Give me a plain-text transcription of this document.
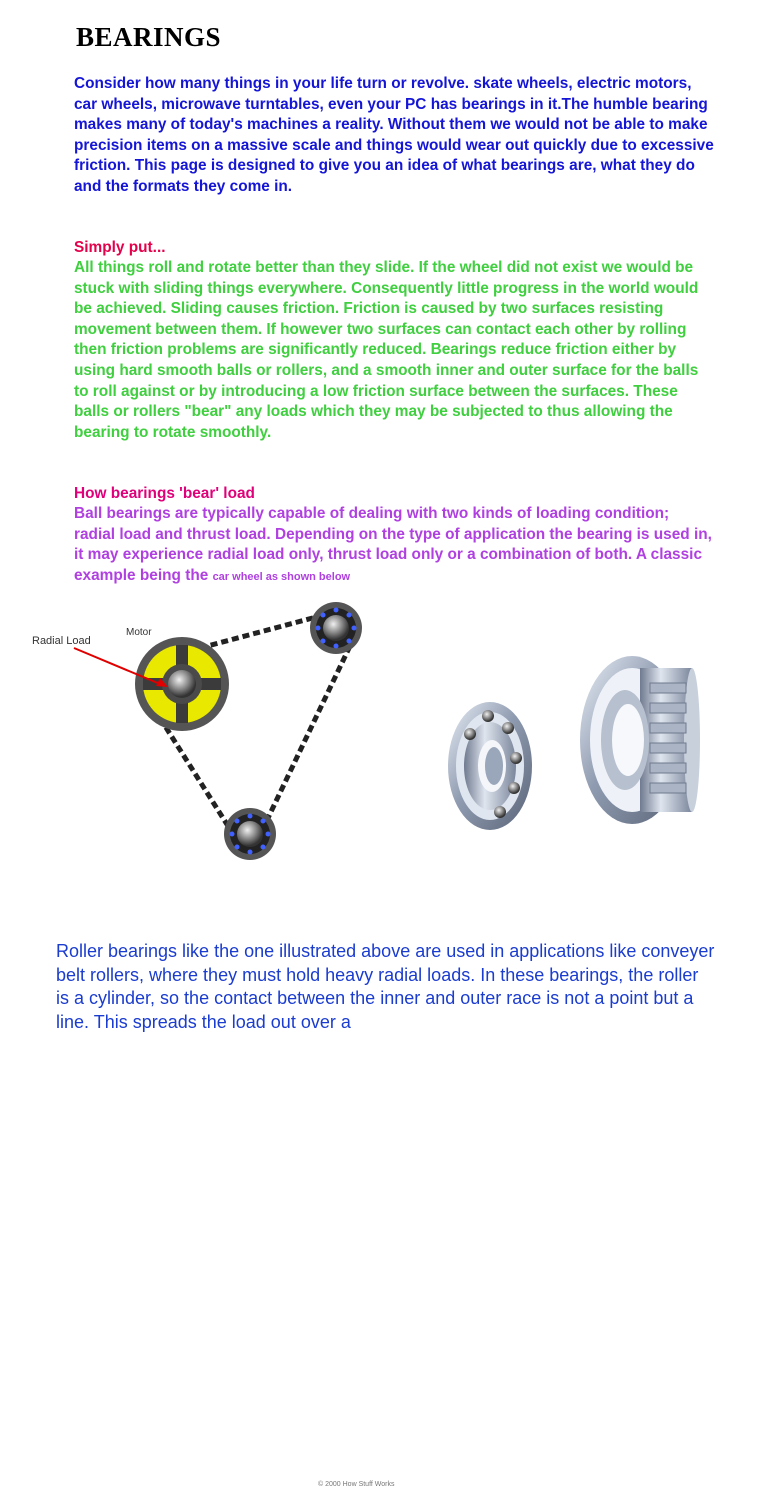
BEARINGS

Consider how many things in your life turn or revolve. skate wheels, electric motors, car wheels, microwave turntables, even your PC has bearings in it.The humble bearing makes many of today's machines a reality. Without them we would not be able to make precision items on a massive scale and things would wear out quickly due to excessive friction. This page is designed to give you an idea of what bearings are, what they do and the formats they come in.

Simply put...

All things roll and rotate better than they slide. If the wheel did not exist we would be stuck with sliding things everywhere. Consequently little progress in the world would be achieved. Sliding causes friction. Friction is caused by two surfaces resisting movement between them. If however two surfaces can contact each other by rolling then friction problems are significantly reduced. Bearings reduce friction either by using hard smooth balls or rollers, and a smooth inner and outer surface for the balls to roll against or by introducing a low friction surface between the surfaces. These balls or rollers "bear" any loads which they may be subjected to thus allowing the bearing to rotate smoothly.

How bearings 'bear' load

Ball bearings are typically capable of dealing with two kinds of loading condition; radial load and thrust load. Depending on the type of application the bearing is used in, it may experience radial load only, thrust load only or a combination of both. A classic example being the car wheel as shown below

Radial Load
Motor
© 2000 How Stuff Works

Roller bearings like the one illustrated above are used in applications like conveyer belt rollers, where they must hold heavy radial loads. In these bearings, the roller is a cylinder, so the contact between the inner and outer race is not a point but a line. This spreads the load out over a
